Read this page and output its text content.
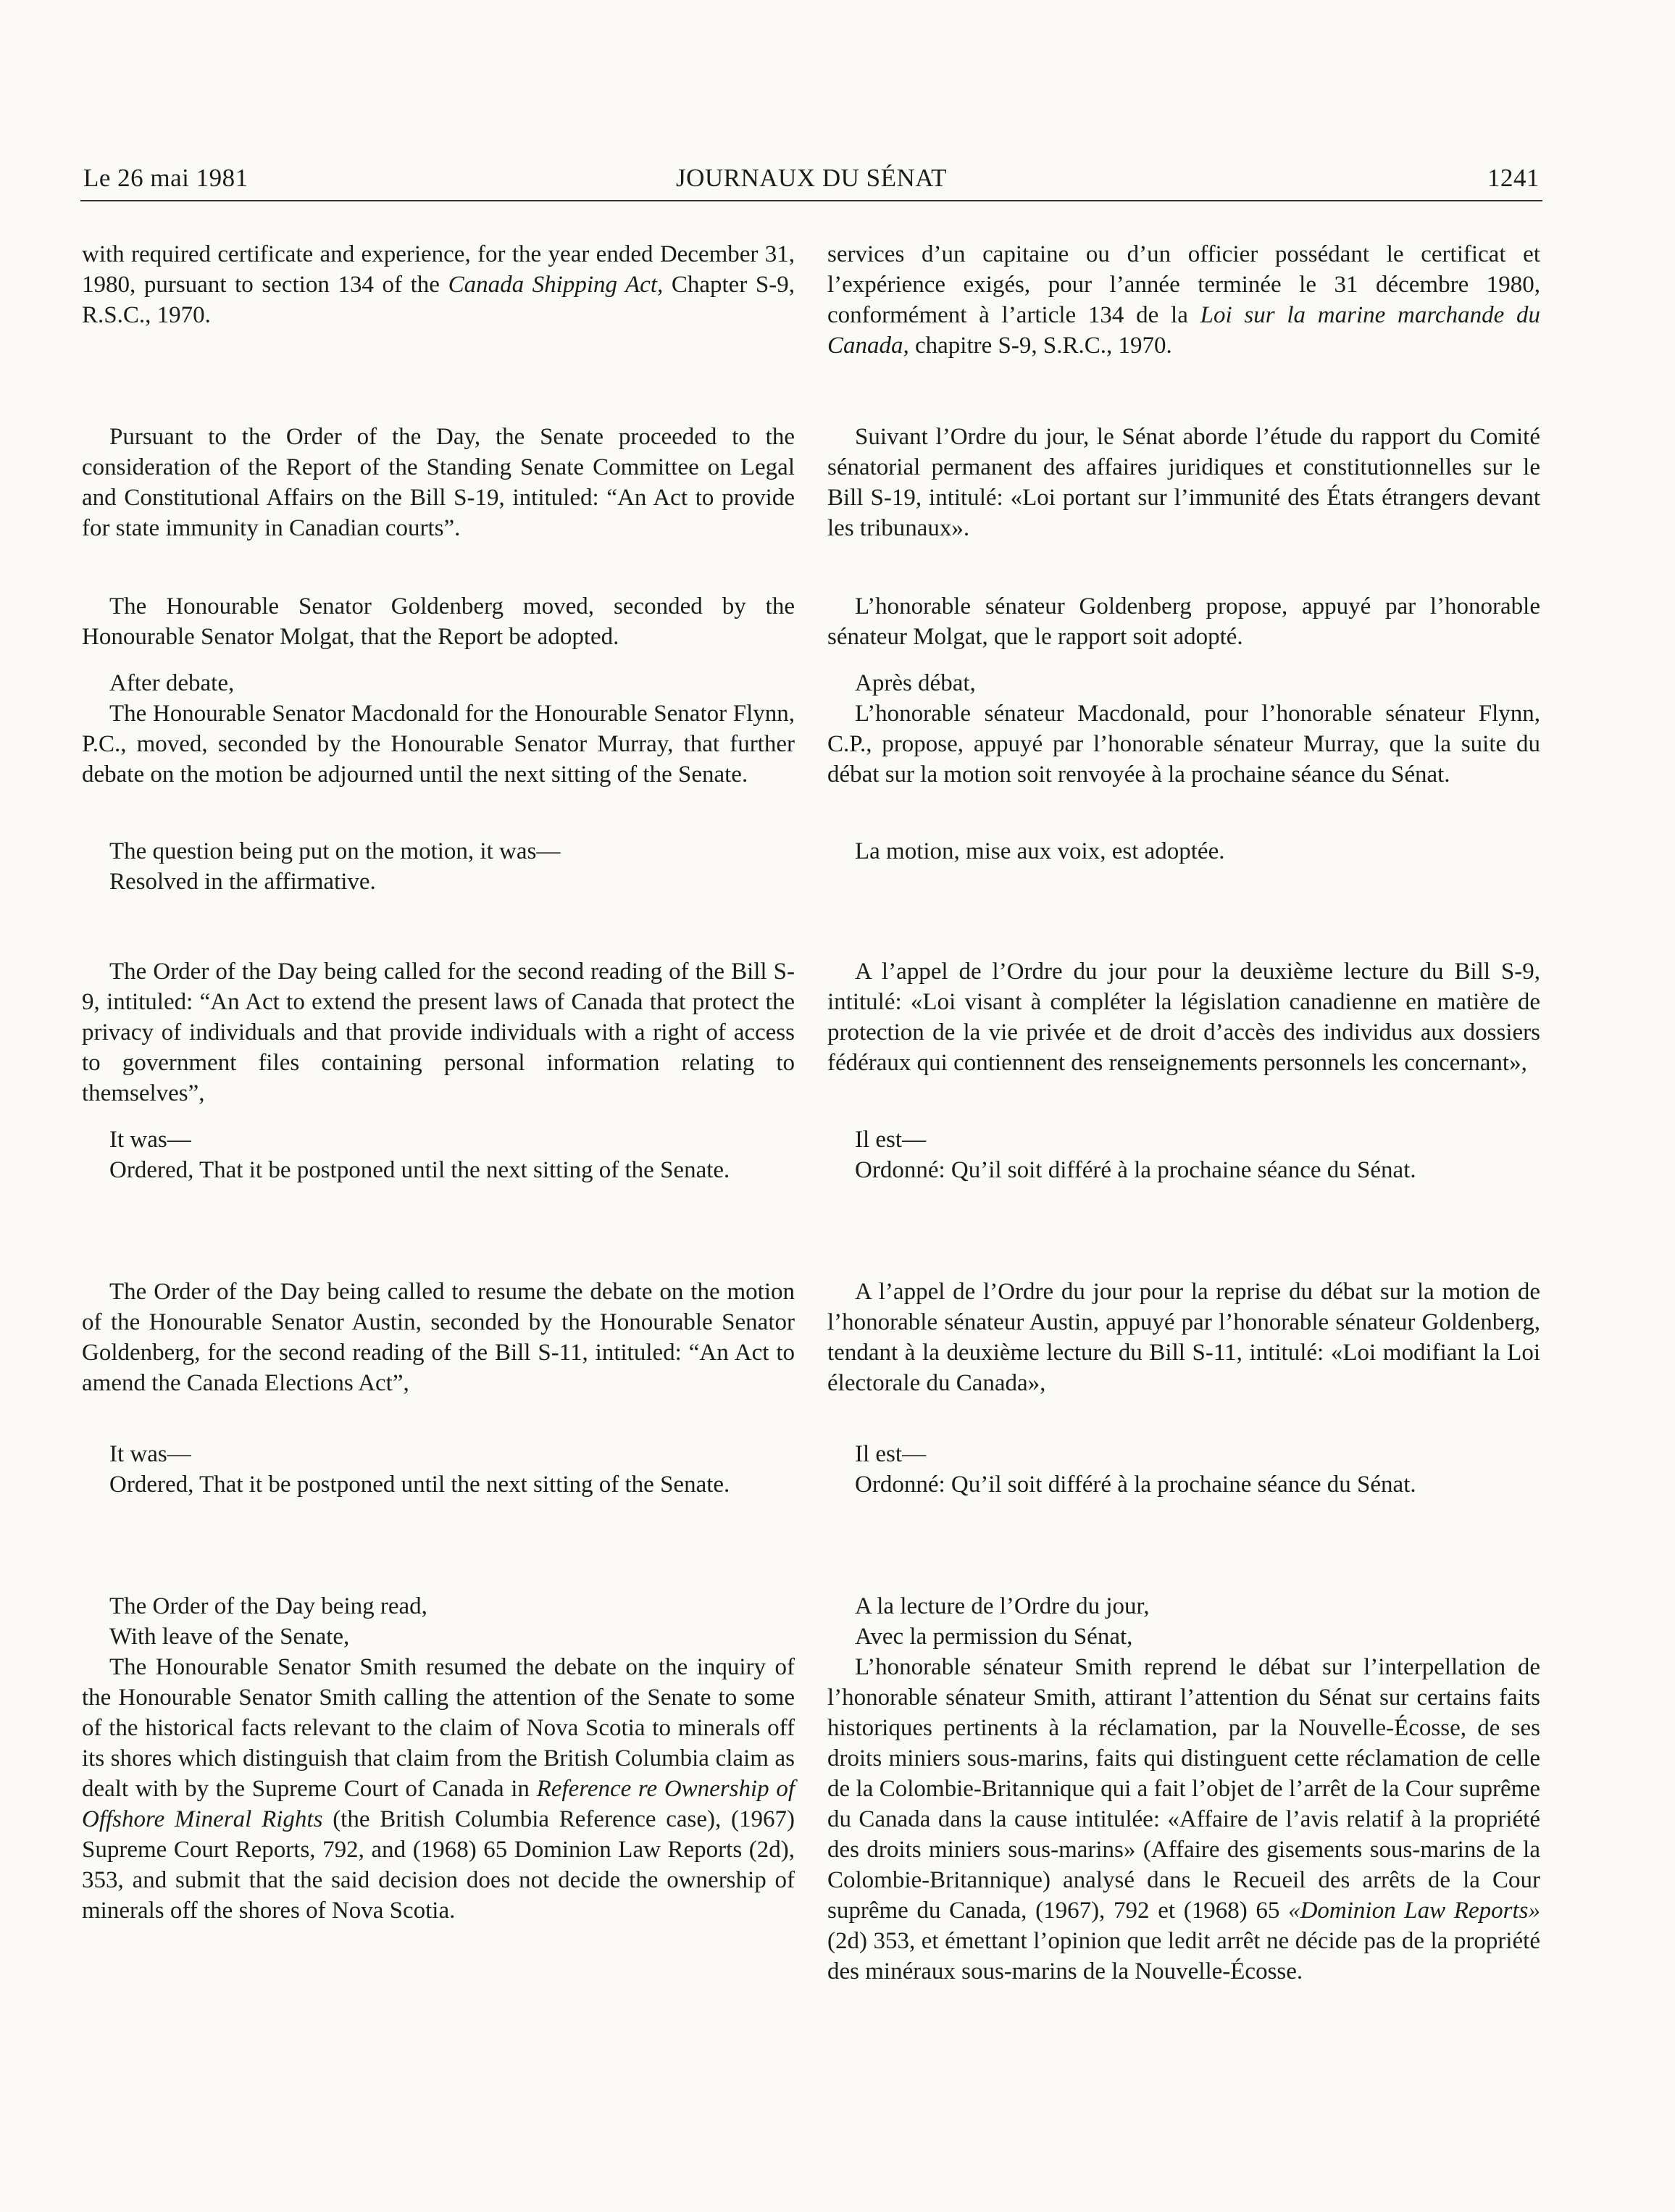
JOURNAUX DU SÉNAT
Le 26 mai 1981	1241

with required certificate and experience, for the year ended December 31, 1980, pursuant to section 134 of the Canada Shipping Act, Chapter S-9, R.S.C., 1970.

Pursuant to the Order of the Day, the Senate proceeded to the consideration of the Report of the Standing Senate Committee on Legal and Constitutional Affairs on the Bill S-19, intituled: “An Act to provide for state immunity in Canadian courts”.

The Honourable Senator Goldenberg moved, seconded by the Honourable Senator Molgat, that the Report be adopted.

After debate,

The Honourable Senator Macdonald for the Honourable Senator Flynn, P.C., moved, seconded by the Honourable Senator Murray, that further debate on the motion be adjourned until the next sitting of the Senate.

The question being put on the motion, it was—

Resolved in the affirmative.

The Order of the Day being called for the second reading of the Bill S-9, intituled: “An Act to extend the present laws of Canada that protect the privacy of individuals and that provide individuals with a right of access to government files containing personal information relating to themselves”,

It was—

Ordered, That it be postponed until the next sitting of the Senate.

The Order of the Day being called to resume the debate on the motion of the Honourable Senator Austin, seconded by the Honourable Senator Goldenberg, for the second reading of the Bill S-11, intituled: “An Act to amend the Canada Elections Act”,

It was—

Ordered, That it be postponed until the next sitting of the Senate.

The Order of the Day being read,

With leave of the Senate,

The Honourable Senator Smith resumed the debate on the inquiry of the Honourable Senator Smith calling the attention of the Senate to some of the historical facts relevant to the claim of Nova Scotia to minerals off its shores which distinguish that claim from the British Columbia claim as dealt with by the Supreme Court of Canada in Reference re Ownership of Offshore Mineral Rights (the British Columbia Reference case), (1967) Supreme Court Reports, 792, and (1968) 65 Dominion Law Reports (2d), 353, and submit that the said decision does not decide the ownership of minerals off the shores of Nova Scotia.

services d’un capitaine ou d’un officier possédant le certificat et l’expérience exigés, pour l’année terminée le 31 décembre 1980, conformément à l’article 134 de la Loi sur la marine marchande du Canada, chapitre S-9, S.R.C., 1970.

Suivant l’Ordre du jour, le Sénat aborde l’étude du rapport du Comité sénatorial permanent des affaires juridiques et constitutionnelles sur le Bill S-19, intitulé: «Loi portant sur l’immunité des États étrangers devant les tribunaux».

L’honorable sénateur Goldenberg propose, appuyé par l’honorable sénateur Molgat, que le rapport soit adopté.

Après débat,

L’honorable sénateur Macdonald, pour l’honorable sénateur Flynn, C.P., propose, appuyé par l’honorable sénateur Murray, que la suite du débat sur la motion soit renvoyée à la prochaine séance du Sénat.

La motion, mise aux voix, est adoptée.

A l’appel de l’Ordre du jour pour la deuxième lecture du Bill S-9, intitulé: «Loi visant à compléter la législation canadienne en matière de protection de la vie privée et de droit d’accès des individus aux dossiers fédéraux qui contiennent des renseignements personnels les concernant»,

Il est—

Ordonné: Qu’il soit différé à la prochaine séance du Sénat.

A l’appel de l’Ordre du jour pour la reprise du débat sur la motion de l’honorable sénateur Austin, appuyé par l’honorable sénateur Goldenberg, tendant à la deuxième lecture du Bill S-11, intitulé: «Loi modifiant la Loi électorale du Canada»,

Il est—

Ordonné: Qu’il soit différé à la prochaine séance du Sénat.

A la lecture de l’Ordre du jour,

Avec la permission du Sénat,

L’honorable sénateur Smith reprend le débat sur l’interpellation de l’honorable sénateur Smith, attirant l’attention du Sénat sur certains faits historiques pertinents à la réclamation, par la Nouvelle-Écosse, de ses droits miniers sous-marins, faits qui distinguent cette réclamation de celle de la Colombie-Britannique qui a fait l’objet de l’arrêt de la Cour suprême du Canada dans la cause intitulée: «Affaire de l’avis relatif à la propriété des droits miniers sous-marins» (Affaire des gisements sous-marins de la Colombie-Britannique) analysé dans le Recueil des arrêts de la Cour suprême du Canada, (1967), 792 et (1968) 65 «Dominion Law Reports» (2d) 353, et émettant l’opinion que ledit arrêt ne décide pas de la propriété des minéraux sous-marins de la Nouvelle-Écosse.
